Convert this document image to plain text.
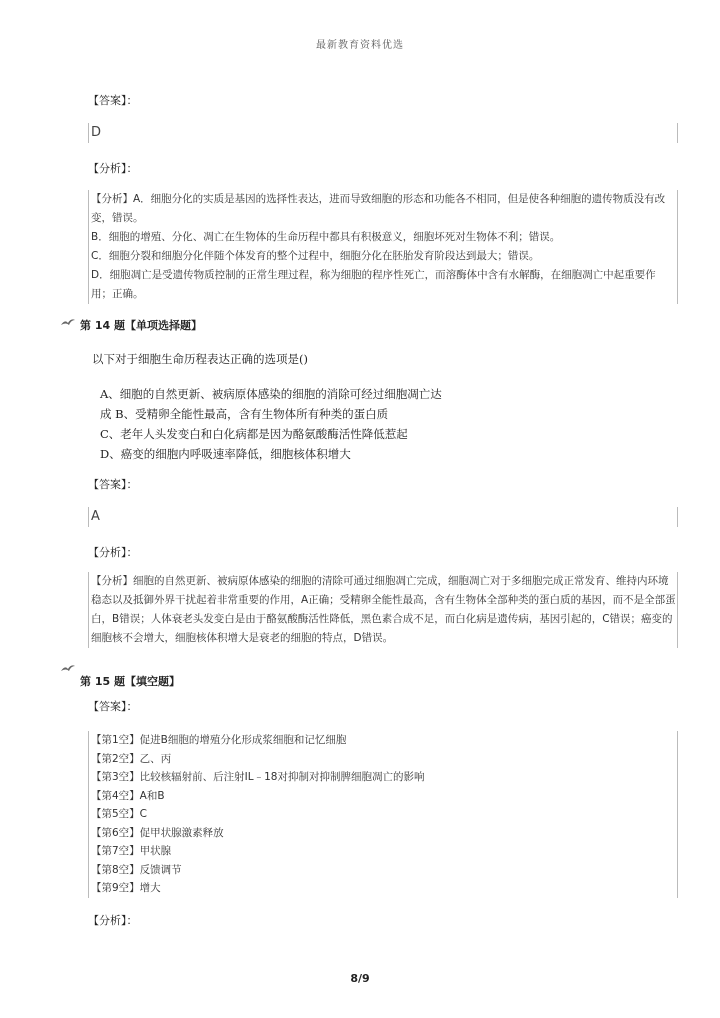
最新教育资料优选
【答案】：
D
【分析】：
【分析】A．细胞分化的实质是基因的选择性表达，进而导致细胞的形态和功能各不相同，但是使各种细胞的遗传物质没有改
变，错误。
B．细胞的增殖、分化、凋亡在生物体的生命历程中都具有积极意义，细胞坏死对生物体不利；错误。
C．细胞分裂和细胞分化伴随个体发育的整个过程中，细胞分化在胚胎发育阶段达到最大；错误。
D．细胞凋亡是受遗传物质控制的正常生理过程，称为细胞的程序性死亡，而溶酶体中含有水解酶，在细胞凋亡中起重要作
用；正确。
第 14 题【单项选择题】
以下对于细胞生命历程表达正确的选项是()
A、细胞的自然更新、被病原体感染的细胞的消除可经过细胞凋亡达
成 B、受精卵全能性最高，含有生物体所有种类的蛋白质
C、老年人头发变白和白化病都是因为酪氨酸酶活性降低惹起
D、癌变的细胞内呼吸速率降低，细胞核体积增大
【答案】：
A
【分析】：
【分析】细胞的自然更新、被病原体感染的细胞的清除可通过细胞凋亡完成，细胞凋亡对于多细胞完成正常发育、维持内环境
稳态以及抵御外界干扰起着非常重要的作用，A正确；受精卵全能性最高，含有生物体全部种类的蛋白质的基因，而不是全部蛋
白，B错误；人体衰老头发变白是由于酪氨酸酶活性降低，黑色素合成不足，而白化病是遗传病，基因引起的，C错误；癌变的
细胞核不会增大，细胞核体积增大是衰老的细胞的特点，D错误。
第 15 题【填空题】
【答案】：
【第1空】促进B细胞的增殖分化形成浆细胞和记忆细胞
【第2空】乙、丙
【第3空】比较核辐射前、后注射IL﹣18对抑制对抑制脾细胞凋亡的影响
【第4空】A和B
【第5空】C
【第6空】促甲状腺激素释放
【第7空】甲状腺
【第8空】反馈调节
【第9空】增大
【分析】：
8/9
